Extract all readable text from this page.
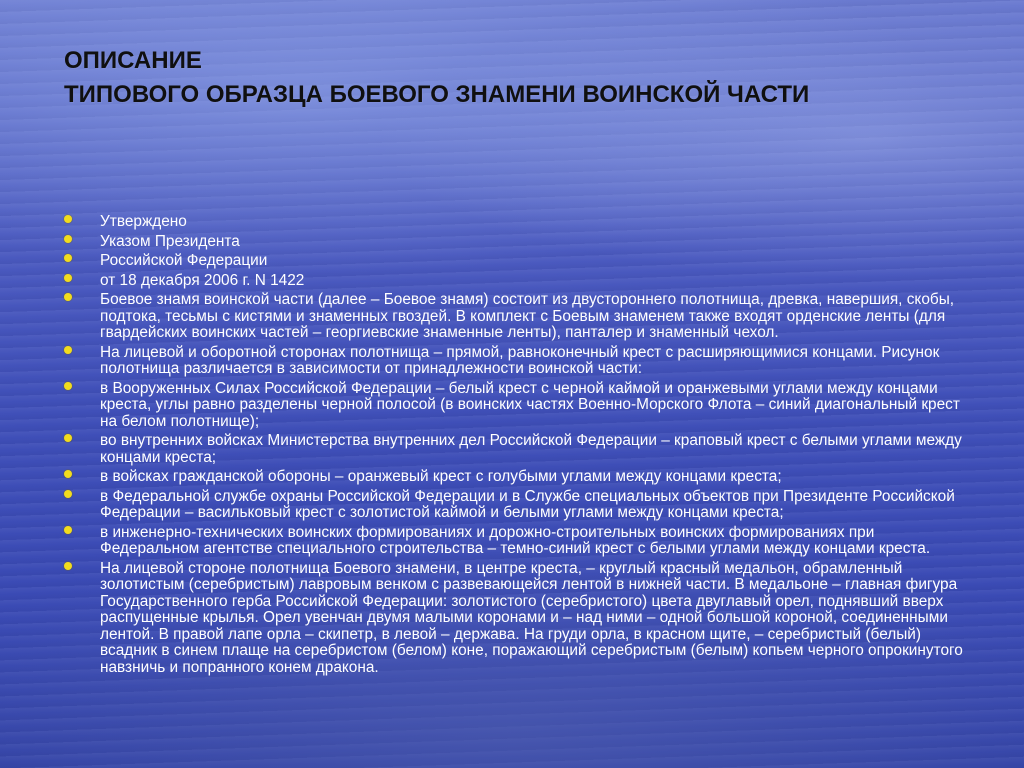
ОПИСАНИЕ
ТИПОВОГО ОБРАЗЦА БОЕВОГО ЗНАМЕНИ ВОИНСКОЙ ЧАСТИ
Утверждено
Указом Президента
Российской Федерации
от 18 декабря 2006 г. N 1422
Боевое знамя воинской части (далее – Боевое знамя) состоит из двустороннего полотнища, древка, навершия, скобы, подтока, тесьмы с кистями и знаменных гвоздей. В комплект с Боевым знаменем также входят орденские ленты (для гвардейских воинских частей – георгиевские знаменные ленты), панталер и знаменный чехол.
На лицевой и оборотной сторонах полотнища – прямой, равноконечный крест с расширяющимися концами. Рисунок полотнища различается в зависимости от принадлежности воинской части:
в Вооруженных Силах Российской Федерации – белый крест с черной каймой и оранжевыми углами между концами креста, углы равно разделены черной полосой (в воинских частях Военно-Морского Флота – синий диагональный крест на белом полотнище);
во внутренних войсках Министерства внутренних дел Российской Федерации – краповый крест с белыми углами между концами креста;
в войсках гражданской обороны – оранжевый крест с голубыми углами между концами креста;
в Федеральной службе охраны Российской Федерации и в Службе специальных объектов при Президенте Российской Федерации – васильковый крест с золотистой каймой и белыми углами между концами креста;
в инженерно-технических воинских формированиях и дорожно-строительных воинских формированиях при Федеральном агентстве специального строительства – темно-синий крест с белыми углами между концами креста.
На лицевой стороне полотнища Боевого знамени, в центре креста, – круглый красный медальон, обрамленный золотистым (серебристым) лавровым венком с развевающейся лентой в нижней части. В медальоне – главная фигура Государственного герба Российской Федерации: золотистого (серебристого) цвета двуглавый орел, поднявший вверх распущенные крылья. Орел увенчан двумя малыми коронами и – над ними – одной большой короной, соединенными лентой. В правой лапе орла – скипетр, в левой – держава. На груди орла, в красном щите, – серебристый (белый) всадник в синем плаще на серебристом (белом) коне, поражающий серебристым (белым) копьем черного опрокинутого навзничь и попранного конем дракона.
